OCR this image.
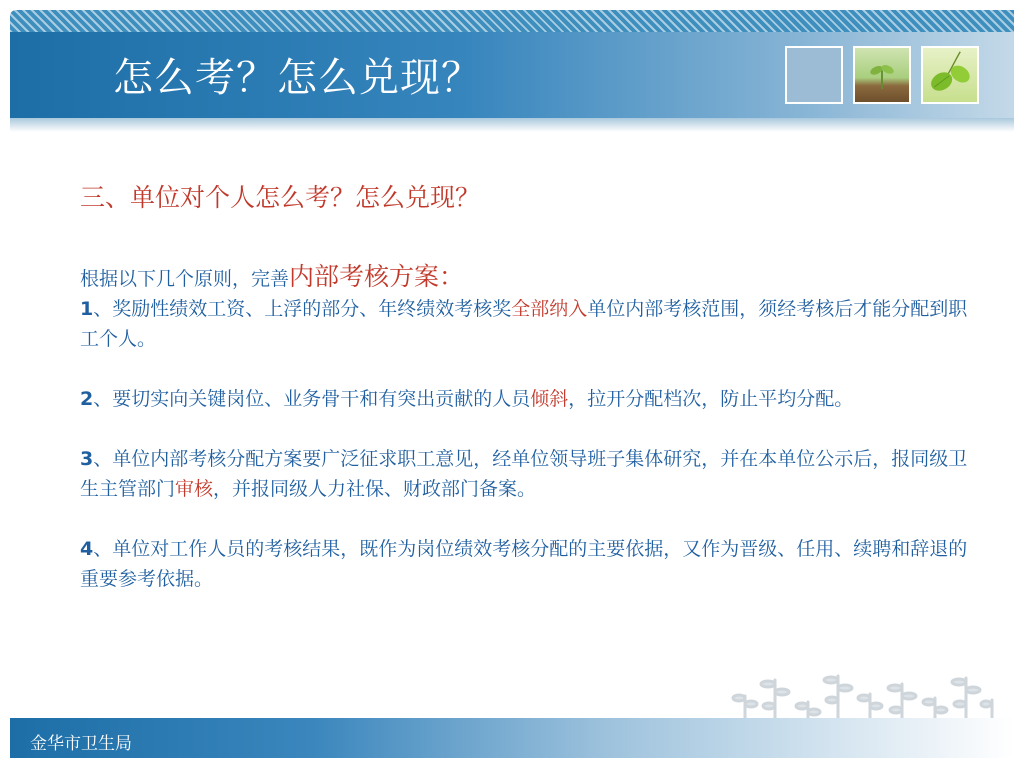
怎么考？怎么兑现？
三、单位对个人怎么考？怎么兑现？

根据以下几个原则，完善内部考核方案：

1、奖励性绩效工资、上浮的部分、年终绩效考核奖全部纳入单位内部考核范围，须经考核后才能分配到职工个人。

2、要切实向关键岗位、业务骨干和有突出贡献的人员倾斜，拉开分配档次，防止平均分配。

3、单位内部考核分配方案要广泛征求职工意见，经单位领导班子集体研究，并在本单位公示后，报同级卫生主管部门审核，并报同级人力社保、财政部门备案。

4、单位对工作人员的考核结果，既作为岗位绩效考核分配的主要依据，又作为晋级、任用、续聘和辞退的重要参考依据。

金华市卫生局
